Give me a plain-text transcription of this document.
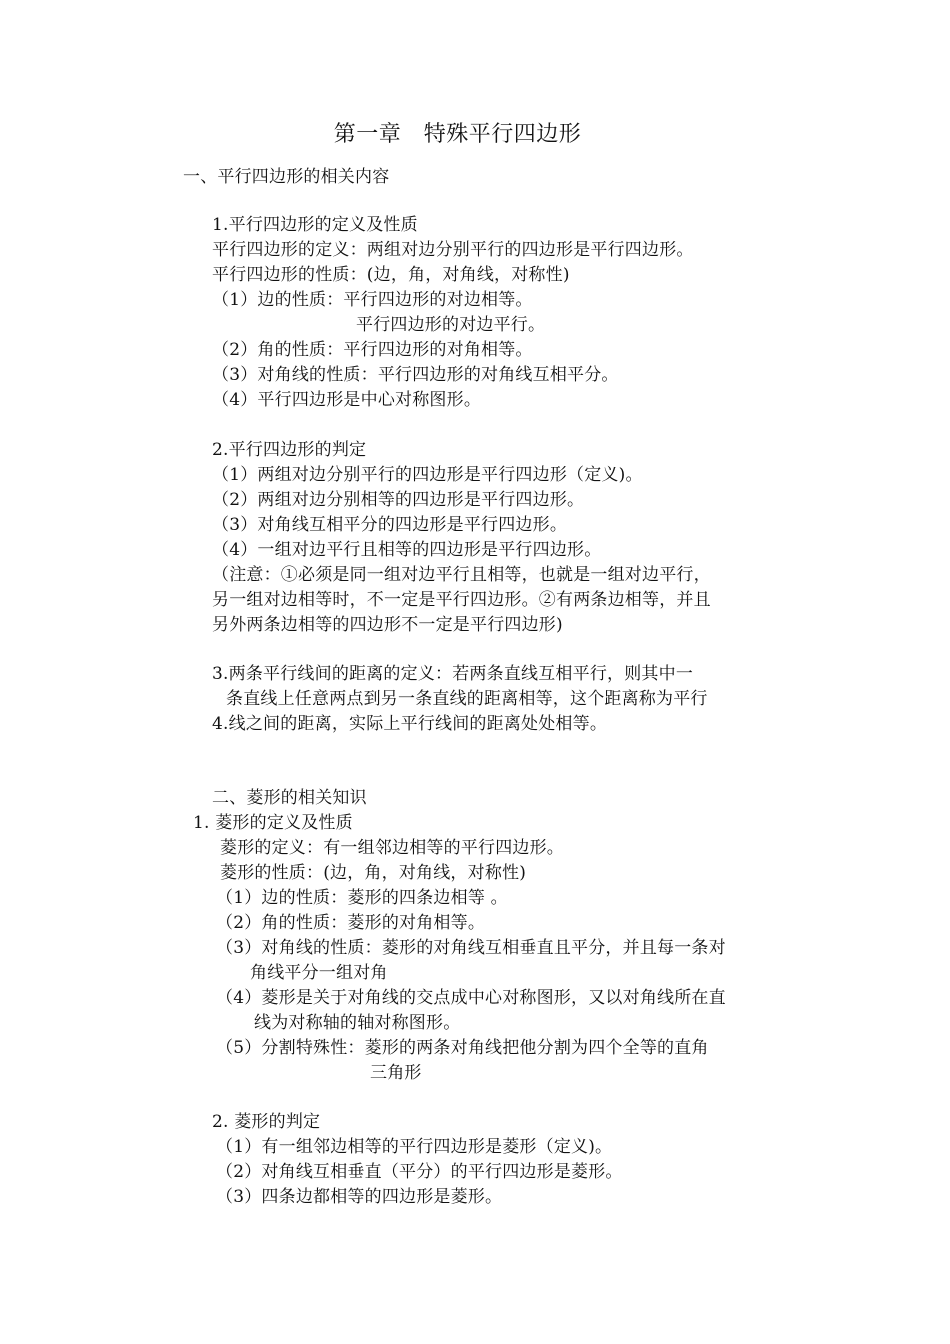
第一章　特殊平行四边形
一、平行四边形的相关内容
1.平行四边形的定义及性质
平行四边形的定义：两组对边分别平行的四边形是平行四边形。
平行四边形的性质：(边，角，对角线，对称性)
（1）边的性质：平行四边形的对边相等。
平行四边形的对边平行。
（2）角的性质：平行四边形的对角相等。
（3）对角线的性质：平行四边形的对角线互相平分。
（4）平行四边形是中心对称图形。
2.平行四边形的判定
（1）两组对边分别平行的四边形是平行四边形（定义)。
（2）两组对边分别相等的四边形是平行四边形。
（3）对角线互相平分的四边形是平行四边形。
（4）一组对边平行且相等的四边形是平行四边形。
（注意：①必须是同一组对边平行且相等，也就是一组对边平行，
另一组对边相等时，不一定是平行四边形。②有两条边相等，并且
另外两条边相等的四边形不一定是平行四边形)
3.两条平行线间的距离的定义：若两条直线互相平行，则其中一
条直线上任意两点到另一条直线的距离相等，这个距离称为平行
4.线之间的距离，实际上平行线间的距离处处相等。
二、菱形的相关知识
1. 菱形的定义及性质
菱形的定义：有一组邻边相等的平行四边形。
菱形的性质：(边，角，对角线，对称性)
（1）边的性质：菱形的四条边相等 。
（2）角的性质：菱形的对角相等。
（3）对角线的性质：菱形的对角线互相垂直且平分，并且每一条对
角线平分一组对角
（4）菱形是关于对角线的交点成中心对称图形，又以对角线所在直
线为对称轴的轴对称图形。
（5）分割特殊性：菱形的两条对角线把他分割为四个全等的直角
三角形
2. 菱形的判定
（1）有一组邻边相等的平行四边形是菱形（定义)。
（2）对角线互相垂直（平分）的平行四边形是菱形。
（3）四条边都相等的四边形是菱形。
